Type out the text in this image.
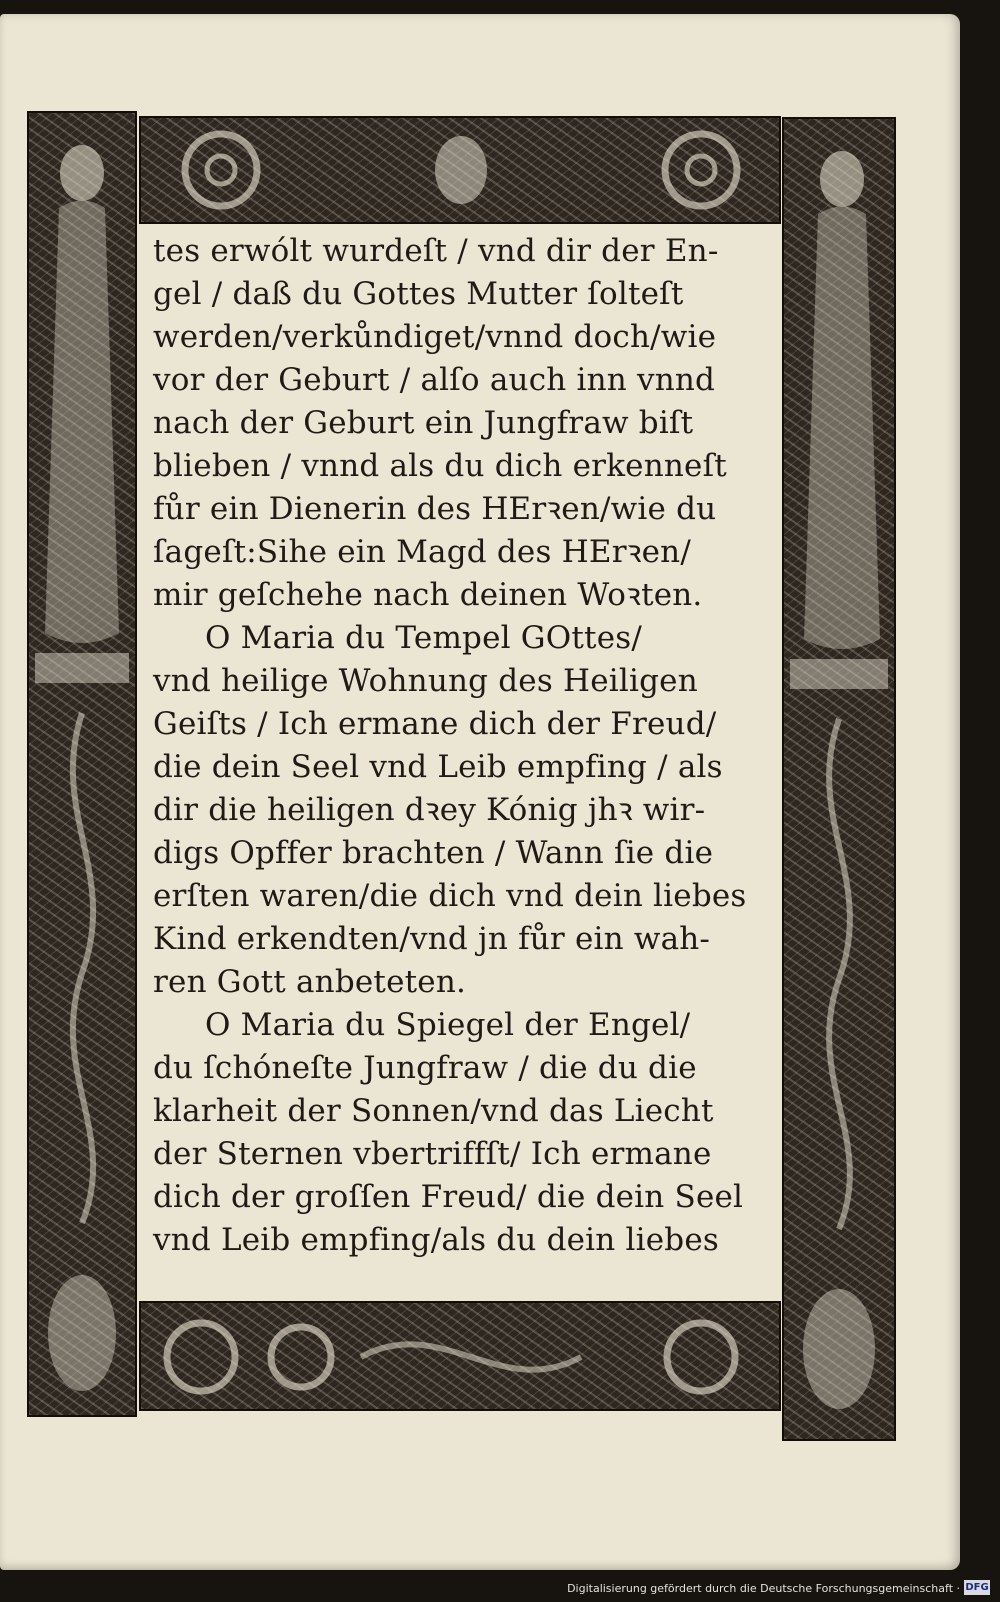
tes erwólt wurdeſt / vnd dir der En-
gel / daß du Gottes Mutter ſolteſt
werden/verkůndiget/vnnd doch/wie
vor der Geburt / alſo auch inn vnnd
nach der Geburt ein Jungfraw biſt
blieben / vnnd als du dich erkenneſt
fůr ein Dienerin des HErꝛen/wie du
ſageſt:Sihe ein Magd des HErꝛen/
mir geſchehe nach deinen Woꝛten.
O Maria du Tempel GOttes/
vnd heilige Wohnung des Heiligen
Geiſts / Ich ermane dich der Freud/
die dein Seel vnd Leib empfing / als
dir die heiligen dꝛey Kónig jhꝛ wir-
digs Opffer brachten / Wann ſie die
erſten waren/die dich vnd dein liebes
Kind erkendten/vnd jn fůr ein wah-
ren Gott anbeteten.
O Maria du Spiegel der Engel/
du ſchóneſte Jungfraw / die du die
klarheit der Sonnen/vnd das Liecht
der Sternen vbertriffſt/ Ich ermane
dich der groſſen Freud/ die dein Seel
vnd Leib empfing/als du dein liebes
Digitalisierung gefördert durch die Deutsche Forschungsgemeinschaft · DFG
